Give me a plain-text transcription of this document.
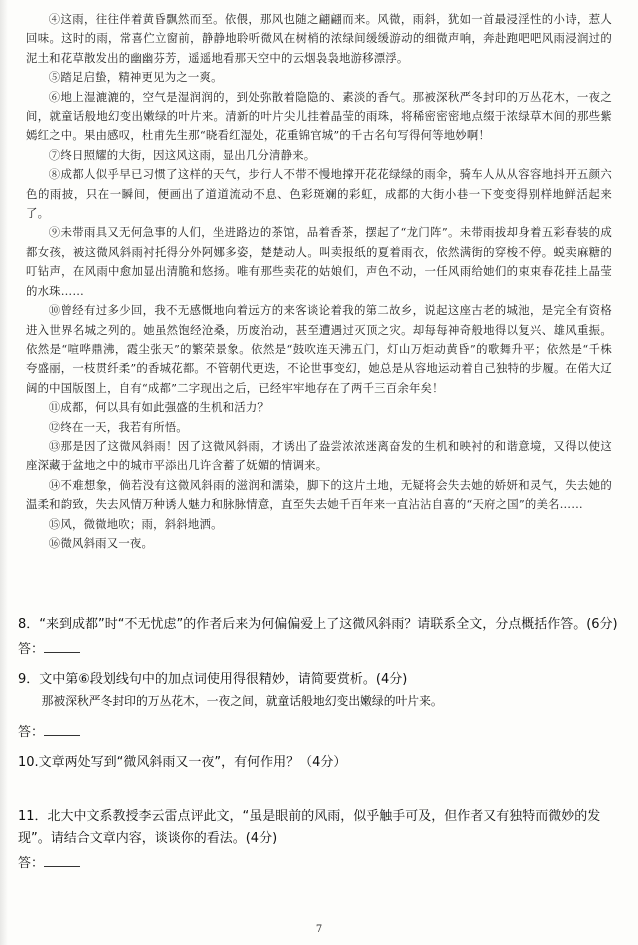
④这雨，往往伴着黄昏飘然而至。依偎，那风也随之翩翩而来。风微，雨斜，犹如一首最浸淫性的小诗，惹人回味。这时的雨，常喜伫立窗前，静静地聆听微风在树梢的浓绿间缓缓游动的细微声响，奔赴跑吧吧风雨浸润过的泥土和花草散发出的幽幽芬芳，遥遥地看那天空中的云烟袅袅地游移漂浮。

⑤踏足启蛰，精神更见为之一爽。

⑥地上湿漉漉的，空气是湿润润的，到处弥散着隐隐的、素淡的香气。那被深秋严冬封印的万丛花木，一夜之间，就童话般地幻变出嫩绿的叶片来。清新的叶片尖儿挂着晶莹的雨珠，将稀密密密地点缀于浓绿草木间的那些紫嫣红之中。果由感叹，杜甫先生那“晓看红湿处，花重锦官城”的千古名句写得何等地妙啊！

⑦终日照耀的大街，因这风这雨，显出几分清静来。

⑧成都人似乎早已习惯了这样的天气，步行人不带不慢地撑开花花绿绿的雨伞，骑车人从从容容地抖开五颜六色的雨披，只在一瞬间，便画出了道道流动不息、色彩斑斓的彩虹，成都的大街小巷一下变变得别样地鲜活起来了。

⑨未带雨具又无何急事的人们，坐进路边的茶馆，品着香茶，摆起了“龙门阵”。未带雨拔却身着五彩春装的成都女孩，被这微风斜雨衬托得分外阿娜多姿，楚楚动人。叫卖报纸的夏着雨衣，依然满街的穿梭不停。蜕卖麻糖的叮钻声，在风雨中愈加显出清脆和悠扬。唯有那些卖花的姑娘们，声色不动，一任风雨给她们的束束春花挂上晶莹的水珠……

⑩曾经有过多少回，我不无感慨地向着远方的来客谈论着我的第二故乡，说起这座古老的城池，是完全有资格进入世界名城之列的。她虽然饱经沧桑，历废治动，甚至遭遇过灭顶之灾。却每每神奇般地得以复兴、雄风重振。依然是“喧哗鼎沸，霞尘张天”的繁荣景象。依然是“鼓吹连天沸五门，灯山万炬动黄昏”的歌舞升平；依然是“千株夸盛丽，一枝贯纤柔”的香城花都。不管朝代更迭，不论世事变幻，她总是从容地运动着自己独特的步履。在偌大辽阔的中国版图上，自有“成都”二字现出之后，已经牢牢地存在了两千三百余年矣！

⑪成都，何以具有如此强盛的生机和活力？

⑫终在一天，我若有所悟。

⑬那是因了这微风斜雨！因了这微风斜雨，才诱出了盎尝浓浓迷离奋发的生机和映衬的和谐意境，又得以使这座深藏于盆地之中的城市平添出几许含蓄了妩媚的情调来。

⑭不难想象，倘若没有这微风斜雨的滋润和濡染，脚下的这片土地，无疑将会失去她的娇妍和灵气，失去她的温柔和韵致，失去风情万种诱人魅力和脉脉情意，直至失去她千百年来一直沾沾自喜的“天府之国”的美名……

⑮风，微微地吹；雨，斜斜地洒。

⑯微风斜雨又一夜。

8．“来到成都”时“不无忧虑”的作者后来为何偏偏爱上了这微风斜雨？请联系全文，分点概括作答。(6分)

答：

9．文中第⑥段划线句中的加点词使用得很精妙，请简要赏析。(4分)

那被深秋严冬封印的万丛花木，一夜之间，就童话般地幻变出嫩绿的叶片来。

答：

10.文章两处写到“微风斜雨又一夜”，有何作用？（4分）

11．北大中文系教授李云雷点评此文，“虽是眼前的风雨，似乎触手可及，但作者又有独特而微妙的发现”。请结合文章内容，谈谈你的看法。(4分)

答：
7
